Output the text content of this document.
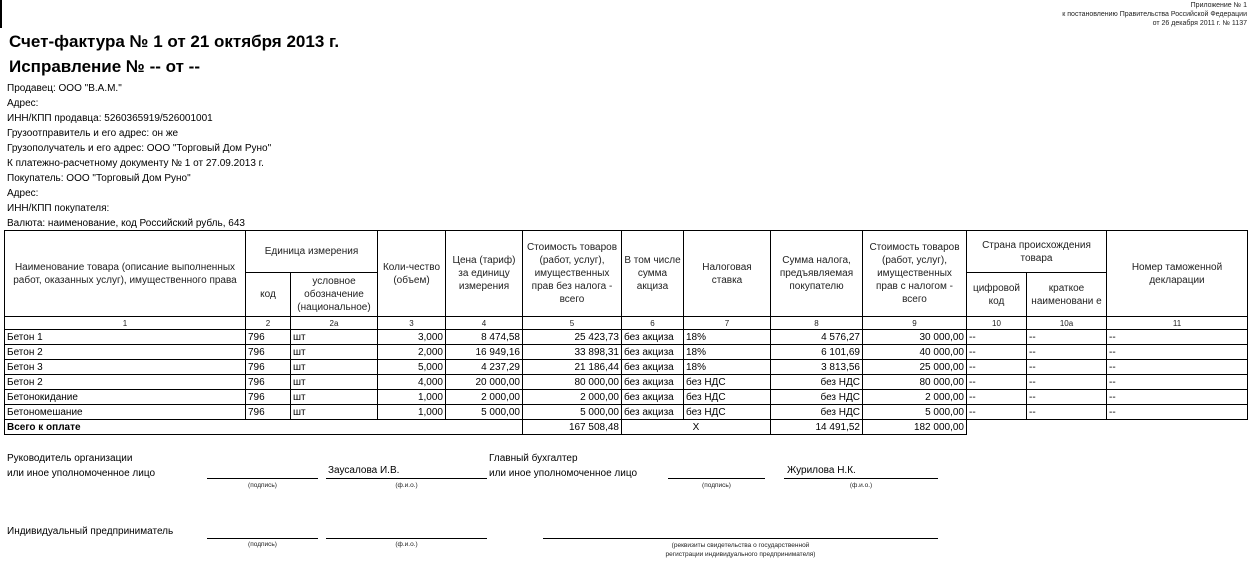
Приложение № 1
к постановлению Правительства Российской Федерации
от 26 декабря 2011 г. № 1137
Счет-фактура № 1 от 21 октября 2013 г.
Исправление № -- от --
Продавец: ООО "В.А.М."
Адрес:
ИНН/КПП продавца: 5260365919/526001001
Грузоотправитель и его адрес: он же
Грузополучатель и его адрес: ООО "Торговый Дом Руно"
К платежно-расчетному документу № 1 от 27.09.2013 г.
Покупатель: ООО "Торговый Дом Руно"
Адрес:
ИНН/КПП покупателя:
Валюта: наименование, код Российский рубль, 643
Наименование товара (описание выполненных работ, оказанных услуг), имущественного права	Единица измерения		Коли-чество (объем)	Цена (тариф) за единицу измерения	Стоимость товаров (работ, услуг), имущественных прав без налога - всего	В том числе сумма акциза	Налоговая ставка	Сумма налога, предъявляемая покупателю	Стоимость товаров (работ, услуг), имущественных прав с налогом - всего	Страна происхождения товара		Номер таможенной декларации
	код	условное обозначение (национальное)								цифровой код	краткое наименовани е	
1	2	2а	3	4	5	6	7	8	9	10	10а	11
Бетон 1	796	шт	3,000	8 474,58	25 423,73	без акциза	18%	4 576,27	30 000,00	--	--	--
Бетон 2	796	шт	2,000	16 949,16	33 898,31	без акциза	18%	6 101,69	40 000,00	--	--	--
Бетон 3	796	шт	5,000	4 237,29	21 186,44	без акциза	18%	3 813,56	25 000,00	--	--	--
Бетон 2	796	шт	4,000	20 000,00	80 000,00	без акциза	без НДС	без НДС	80 000,00	--	--	--
Бетонокидание	796	шт	1,000	2 000,00	2 000,00	без акциза	без НДС	без НДС	2 000,00	--	--	--
Бетономешание	796	шт	1,000	5 000,00	5 000,00	без акциза	без НДС	без НДС	5 000,00	--	--	--
Всего к оплате					167 508,48	X		14 491,52	182 000,00			
Руководитель организации
или иное уполномоченное лицо	Заусалова И.В.
(подпись)	(ф.и.о.)
Главный бухгалтер
или иное уполномоченное лицо	Журилова Н.К.
(подпись)	(ф.и.о.)
Индивидуальный предприниматель
(подпись)	(ф.и.о.)	(реквизиты свидетельства о государственной
регистрации индивидуального предпринимателя)
